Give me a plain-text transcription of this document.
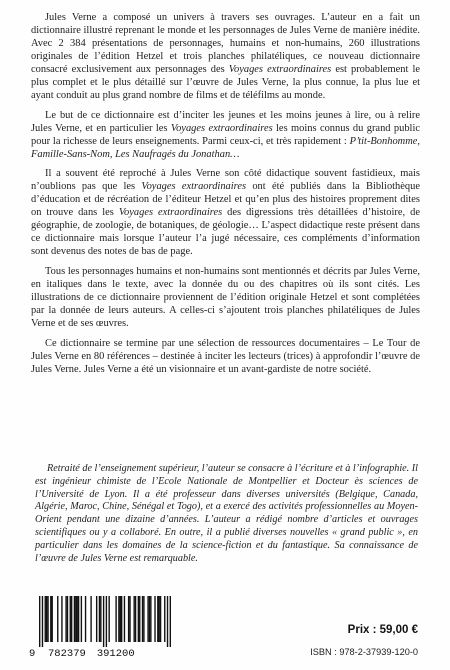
Jules Verne a composé un univers à travers ses ouvrages. L’auteur en a fait un dictionnaire illustré reprenant le monde et les personnages de Jules Verne de manière inédite. Avec 2 384 présentations de personnages, humains et non-humains, 260 illustrations originales de l’édition Hetzel et trois planches philatéliques, ce nouveau dictionnaire consacré exclusivement aux personnages des Voyages extraordinaires est probablement le plus complet et le plus détaillé sur l’œuvre de Jules Verne, la plus connue, la plus lue et ayant conduit au plus grand nombre de films et de téléfilms au monde.

Le but de ce dictionnaire est d’inciter les jeunes et les moins jeunes à lire, ou à relire Jules Verne, et en particulier les Voyages extraordinaires les moins connus du grand public pour la richesse de leurs enseignements. Parmi ceux-ci, et très rapidement : P’tit-Bonhomme, Famille-Sans-Nom, Les Naufragés du Jonathan…

Il a souvent été reproché à Jules Verne son côté didactique souvent fastidieux, mais n’oublions pas que les Voyages extraordinaires ont été publiés dans la Bibliothèque d’éducation et de récréation de l’éditeur Hetzel et qu’en plus des histoires proprement dites on trouve dans les Voyages extraordinaires des digressions très détaillées d’histoire, de géographie, de zoologie, de botaniques, de géologie… L’aspect didactique reste présent dans ce dictionnaire mais lorsque l’auteur l’a jugé nécessaire, ces compléments d’information sont devenus des notes de bas de page.

Tous les personnages humains et non-humains sont mentionnés et décrits par Jules Verne, en italiques dans le texte, avec la donnée du ou des chapitres où ils sont cités. Les illustrations de ce dictionnaire proviennent de l’édition originale Hetzel et sont complétées par la donnée de leurs auteurs. A celles-ci s’ajoutent trois planches philatéliques de Jules Verne et de ses œuvres.

Ce dictionnaire se termine par une sélection de ressources documentaires – Le Tour de Jules Verne en 80 références – destinée à inciter les lecteurs (trices) à approfondir l’œuvre de Jules Verne. Jules Verne a été un visionnaire et un avant-gardiste de notre société.

Retraité de l’enseignement supérieur, l’auteur se consacre à l’écriture et à l’infographie. Il est ingénieur chimiste de l’Ecole Nationale de Montpellier et Docteur ès sciences de l’Université de Lyon. Il a été professeur dans diverses universités (Belgique, Canada, Algérie, Maroc, Chine, Sénégal et Togo), et a exercé des activités professionnelles au Moyen-Orient pendant une dizaine d’années. L’auteur a rédigé nombre d’articles et ouvrages scientifiques ou y a collaboré. En outre, il a publié diverses nouvelles « grand public », en particulier dans les domaines de la science-fiction et du fantastique. Sa connaissance de l’œuvre de Jules Verne est remarquable.

9 782379 391200
Prix : 59,00 €
ISBN : 978-2-37939-120-0
